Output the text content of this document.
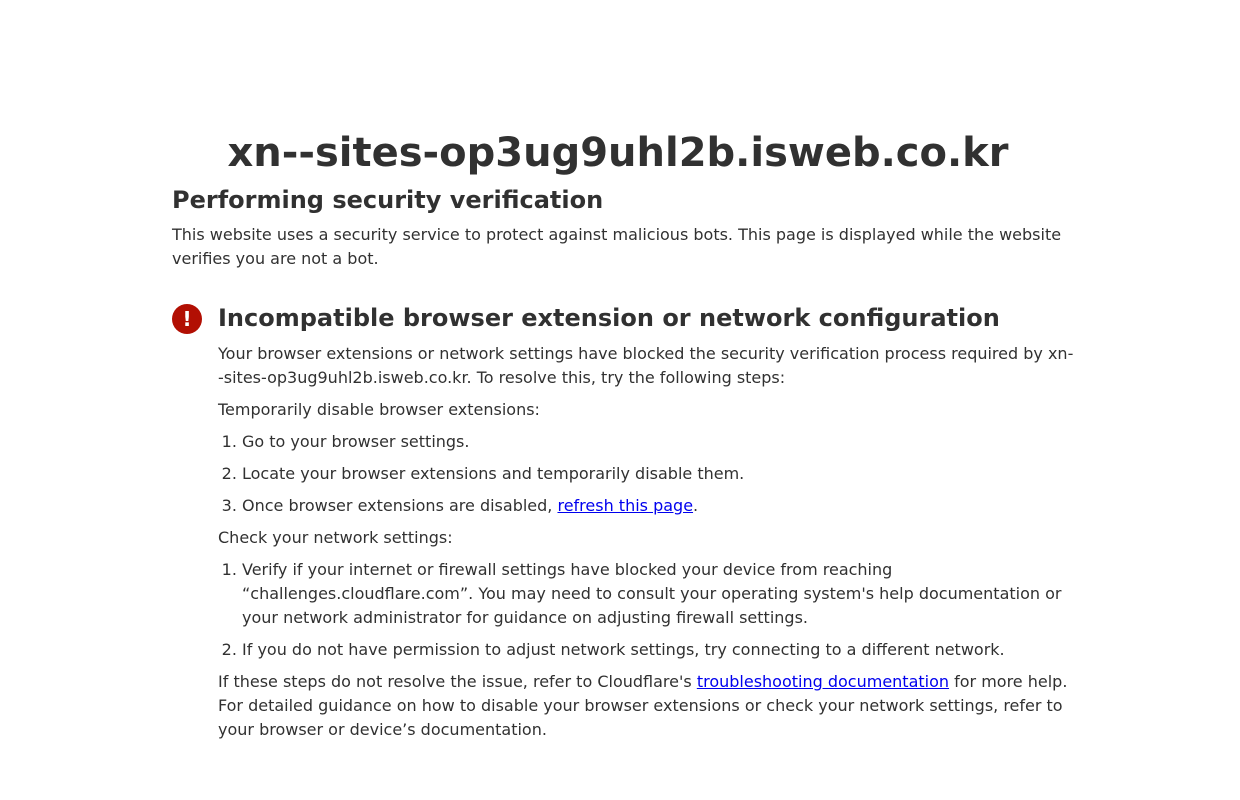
xn--sites-op3ug9uhl2b.isweb.co.kr
Performing security verification

This website uses a security service to protect against malicious bots. This page is displayed while the website verifies you are not a bot.

!	Incompatible browser extension or network configuration

Your browser extensions or network settings have blocked the security verification process required by xn--sites-op3ug9uhl2b.isweb.co.kr. To resolve this, try the following steps:

Temporarily disable browser extensions:

1. Go to your browser settings.
2. Locate your browser extensions and temporarily disable them.
3. Once browser extensions are disabled, refresh this page.

Check your network settings:

1. Verify if your internet or firewall settings have blocked your device from reaching “challenges.cloudflare.com”. You may need to consult your operating system's help documentation or your network administrator for guidance on adjusting firewall settings.
2. If you do not have permission to adjust network settings, try connecting to a different network.

If these steps do not resolve the issue, refer to Cloudflare's troubleshooting documentation for more help. For detailed guidance on how to disable your browser extensions or check your network settings, refer to your browser or device’s documentation.
